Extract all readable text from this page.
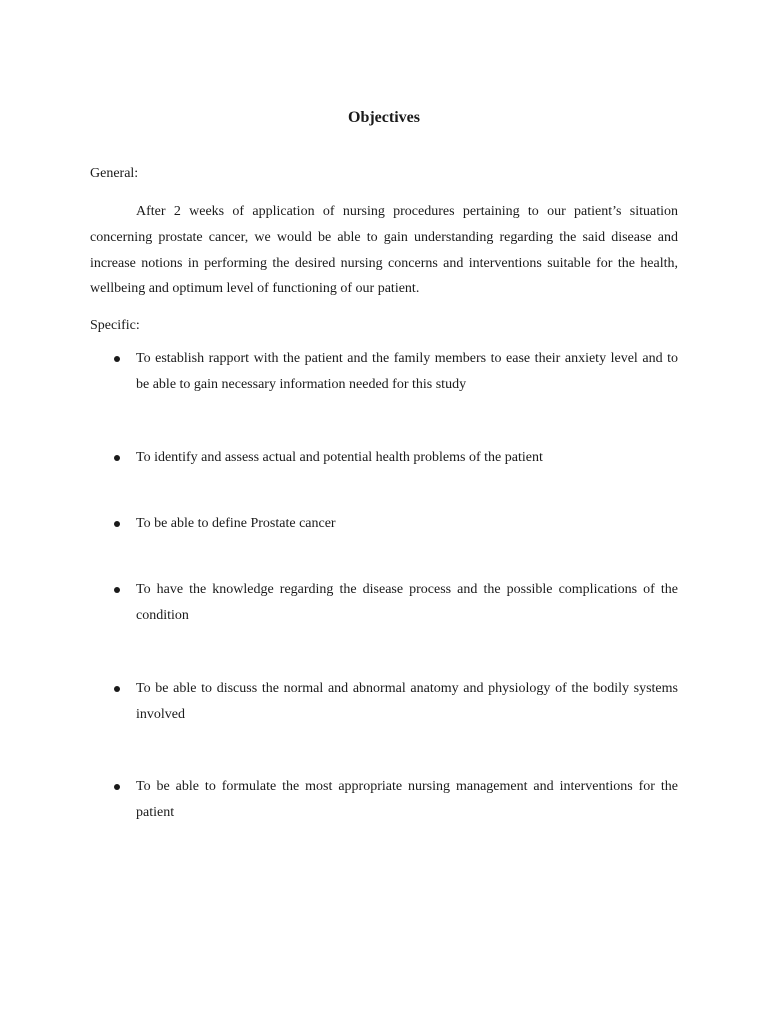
Objectives

General:

After 2 weeks of application of nursing procedures pertaining to our patient’s situation concerning prostate cancer, we would be able to gain understanding regarding the said disease and increase notions in performing the desired nursing concerns and interventions suitable for the health, wellbeing and optimum level of functioning of our patient.

Specific:

To establish rapport with the patient and the family members to ease their anxiety level and to be able to gain necessary information needed for this study
To identify and assess actual and potential health problems of the patient
To be able to define Prostate cancer
To have the knowledge regarding the disease process and the possible complications of the condition
To be able to discuss the normal and abnormal anatomy and physiology of the bodily systems involved
To be able to formulate the most appropriate nursing management and interventions for the patient
